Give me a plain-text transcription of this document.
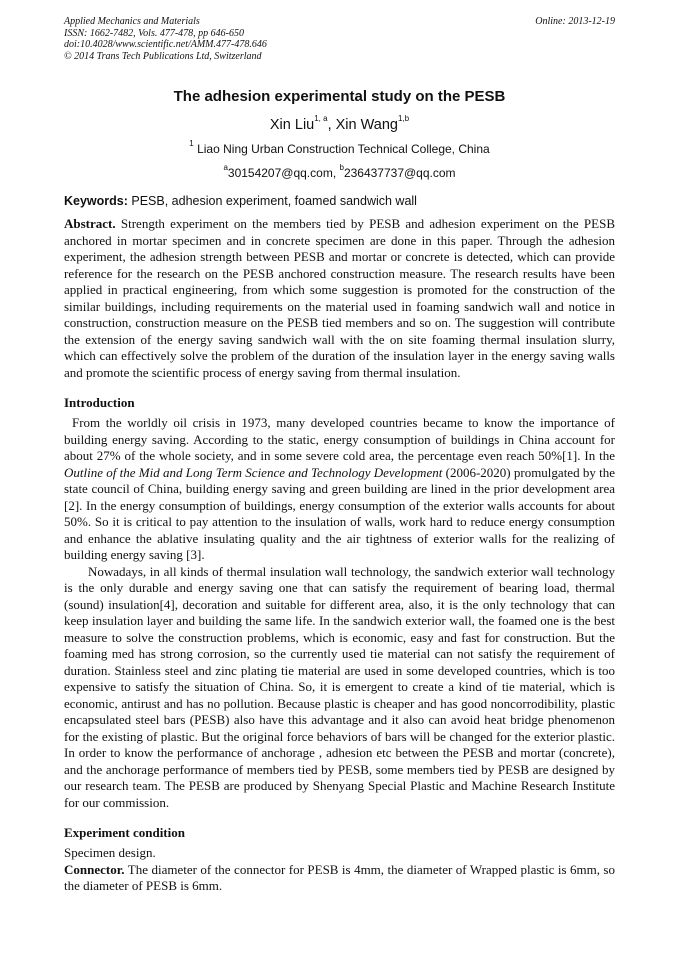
Applied Mechanics and Materials
ISSN: 1662-7482, Vols. 477-478, pp 646-650
doi:10.4028/www.scientific.net/AMM.477-478.646
© 2014 Trans Tech Publications Ltd, Switzerland
Online: 2013-12-19
The adhesion experimental study on the PESB
Xin Liu$^{1, a}$, Xin Wang$^{1,b}$
$^1$ Liao Ning Urban Construction Technical College, China
$^a$30154207@qq.com, $^b$236437737@qq.com
Keywords: PESB, adhesion experiment, foamed sandwich wall

Abstract. Strength experiment on the members tied by PESB and adhesion experiment on the PESB anchored in mortar specimen and in concrete specimen are done in this paper. Through the adhesion experiment, the adhesion strength between PESB and mortar or concrete is detected, which can provide reference for the research on the PESB anchored construction measure. The research results have been applied in practical engineering, from which some suggestion is promoted for the construction of the similar buildings, including requirements on the material used in foaming sandwich wall and notice in construction, construction measure on the PESB tied members and so on. The suggestion will contribute the extension of the energy saving sandwich wall with the on site foaming thermal insulation slurry, which can effectively solve the problem of the duration of the insulation layer in the energy saving walls and promote the scientific process of energy saving from thermal insulation.

Introduction

From the worldly oil crisis in 1973, many developed countries became to know the importance of building energy saving. According to the static, energy consumption of buildings in China account for about 27% of the whole society, and in some severe cold area, the percentage even reach 50%[1]. In the Outline of the Mid and Long Term Science and Technology Development (2006-2020) promulgated by the state council of China, building energy saving and green building are lined in the prior development area [2]. In the energy consumption of buildings, energy consumption of the exterior walls accounts for about 50%. So it is critical to pay attention to the insulation of walls, work hard to reduce energy consumption and enhance the ablative insulating quality and the air tightness of exterior walls for the realizing of building energy saving [3].

Nowadays, in all kinds of thermal insulation wall technology, the sandwich exterior wall technology is the only durable and energy saving one that can satisfy the requirement of bearing load, thermal (sound) insulation[4], decoration and suitable for different area, also, it is the only technology that can keep insulation layer and building the same life. In the sandwich exterior wall, the foamed one is the best measure to solve the construction problems, which is economic, easy and fast for construction. But the foaming med has strong corrosion, so the currently used tie material can not satisfy the requirement of duration. Stainless steel and zinc plating tie material are used in some developed countries, which is too expensive to satisfy the situation of China. So, it is emergent to create a kind of tie material, which is economic, antirust and has no pollution. Because plastic is cheaper and has good noncorrodibility, plastic encapsulated steel bars (PESB) also have this advantage and it also can avoid heat bridge phenomenon for the existing of plastic. But the original force behaviors of bars will be changed for the exterior plastic. In order to know the performance of anchorage , adhesion etc between the PESB and mortar (concrete), and the anchorage performance of members tied by PESB, some members tied by PESB are designed by our research team. The PESB are produced by Shenyang Special Plastic and Machine Research Institute for our commission.

Experiment condition

Specimen design.

Connector. The diameter of the connector for PESB is 4mm, the diameter of Wrapped plastic is 6mm, so the diameter of PESB is 6mm.
